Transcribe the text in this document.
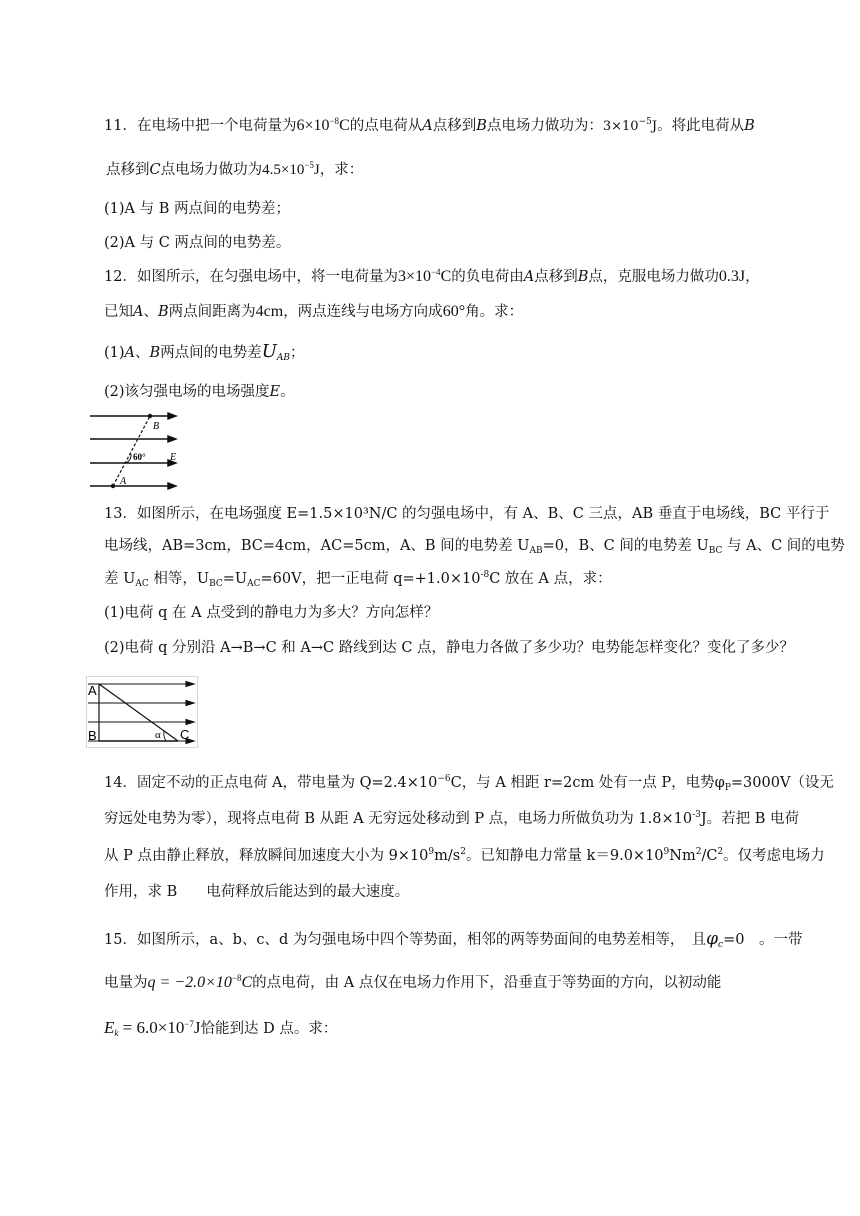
11．在电场中把一个电荷量为$6\times 10^{-8}C$的点电荷从A点移到B点电场力做功为：$3\times 10^{-5}J$。将此电荷从B
点移到C点电场力做功为$4.5\times 10^{-5}J$，求：
(1)A 与 B 两点间的电势差；
(2)A 与 C 两点间的电势差。
12．如图所示，在匀强电场中，将一电荷量为$3\times 10^{-4}C$的负电荷由A点移到B点，克服电场力做功0.3J，
已知A、B两点间距离为4cm，两点连线与电场方向成60°角。求：
(1)A、B两点间的电势差$U_{AB}$；
(2)该匀强电场的电场强度E。
B
A
60° E
13．如图所示，在电场强度 E=1.5×10³N/C 的匀强电场中，有 A、B、C 三点，AB 垂直于电场线，BC 平行于
电场线，AB=3cm，BC=4cm，AC=5cm，A、B 间的电势差 $U_{AB}=0$，B、C 间的电势差 $U_{BC}$ 与 A、C 间的电势
差 $U_{AC}$ 相等，$U_{BC}=U_{AC}=60V$，把一正电荷 $q=+1.0\times 10^{-8}C$ 放在 A 点，求：
(1)电荷 q 在 A 点受到的静电力为多大？方向怎样？
(2)电荷 q 分别沿 A→B→C 和 A→C 路线到达 C 点，静电力各做了多少功？电势能怎样变化？变化了多少？
A
B	C
α
14．固定不动的正点电荷 A，带电量为 $Q=2.4\times 10^{-6}C$，与 A 相距 r=2cm 处有一点 P，电势$\varphi_P=3000V$（设无
穷远处电势为零），现将点电荷 B 从距 A 无穷远处移动到 P 点，电场力所做负功为 $1.8\times 10^{-3}J$。若把 B 电荷
从 P 点由静止释放，释放瞬间加速度大小为 $9\times 10^9m/s^2$。已知静电力常量 $k=9.0\times 10^9Nm^2/C^2$。仅考虑电场力
作用，求 B　　电荷释放后能达到的最大速度。
15．如图所示，a、b、c、d 为匀强电场中四个等势面，相邻的两等势面间的电势差相等，　且$\varphi_c=0$　。一带
电量为$q = -2.0\times 10^{-8}C$的点电荷，由 A 点仅在电场力作用下，沿垂直于等势面的方向，以初动能
$E_k = 6.0\times 10^{-7}J$恰能到达 D 点。求：
